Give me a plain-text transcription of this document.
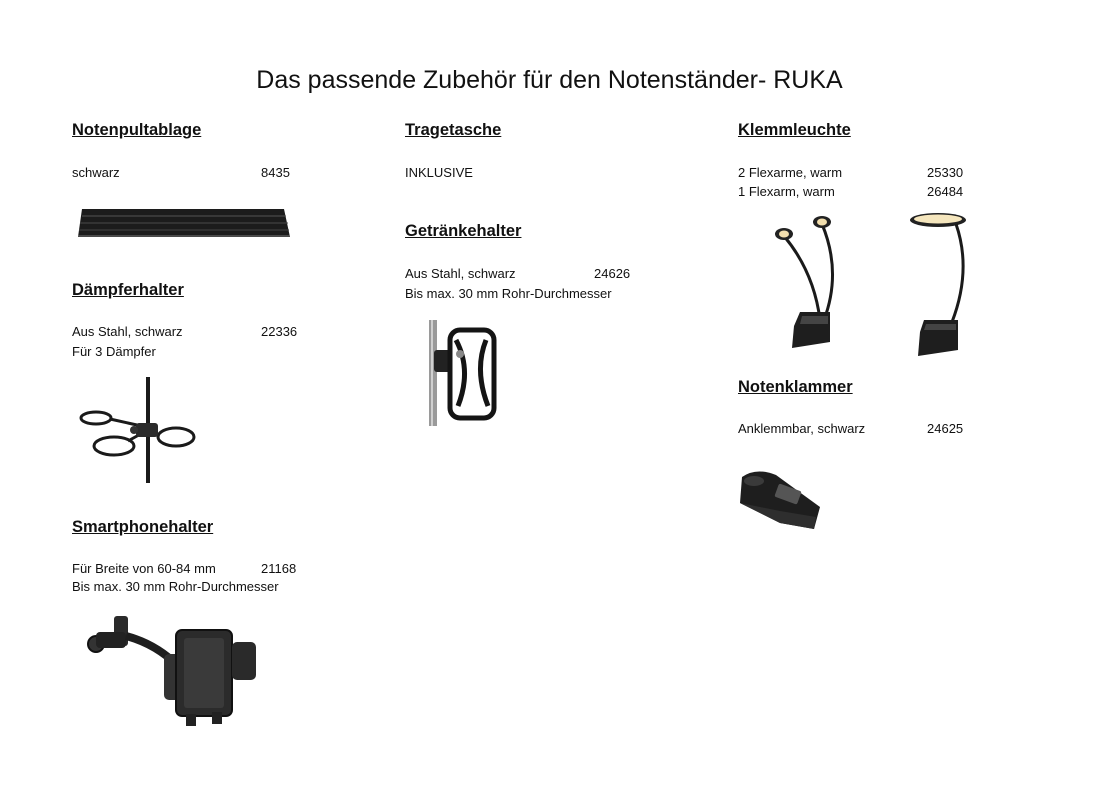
Das passende Zubehör für den Notenständer- RUKA
Notenpultablage
schwarz	8435
Dämpferhalter
Aus Stahl, schwarz	22336
Für 3 Dämpfer
Smartphonehalter
Für Breite von 60-84 mm	21168
Bis max. 30 mm Rohr-Durchmesser
Tragetasche
INKLUSIVE
Getränkehalter
Aus Stahl, schwarz	24626
Bis max. 30 mm Rohr-Durchmesser
Klemmleuchte
2 Flexarme, warm	25330
1 Flexarm, warm	26484
Notenklammer
Anklemmbar, schwarz	24625
